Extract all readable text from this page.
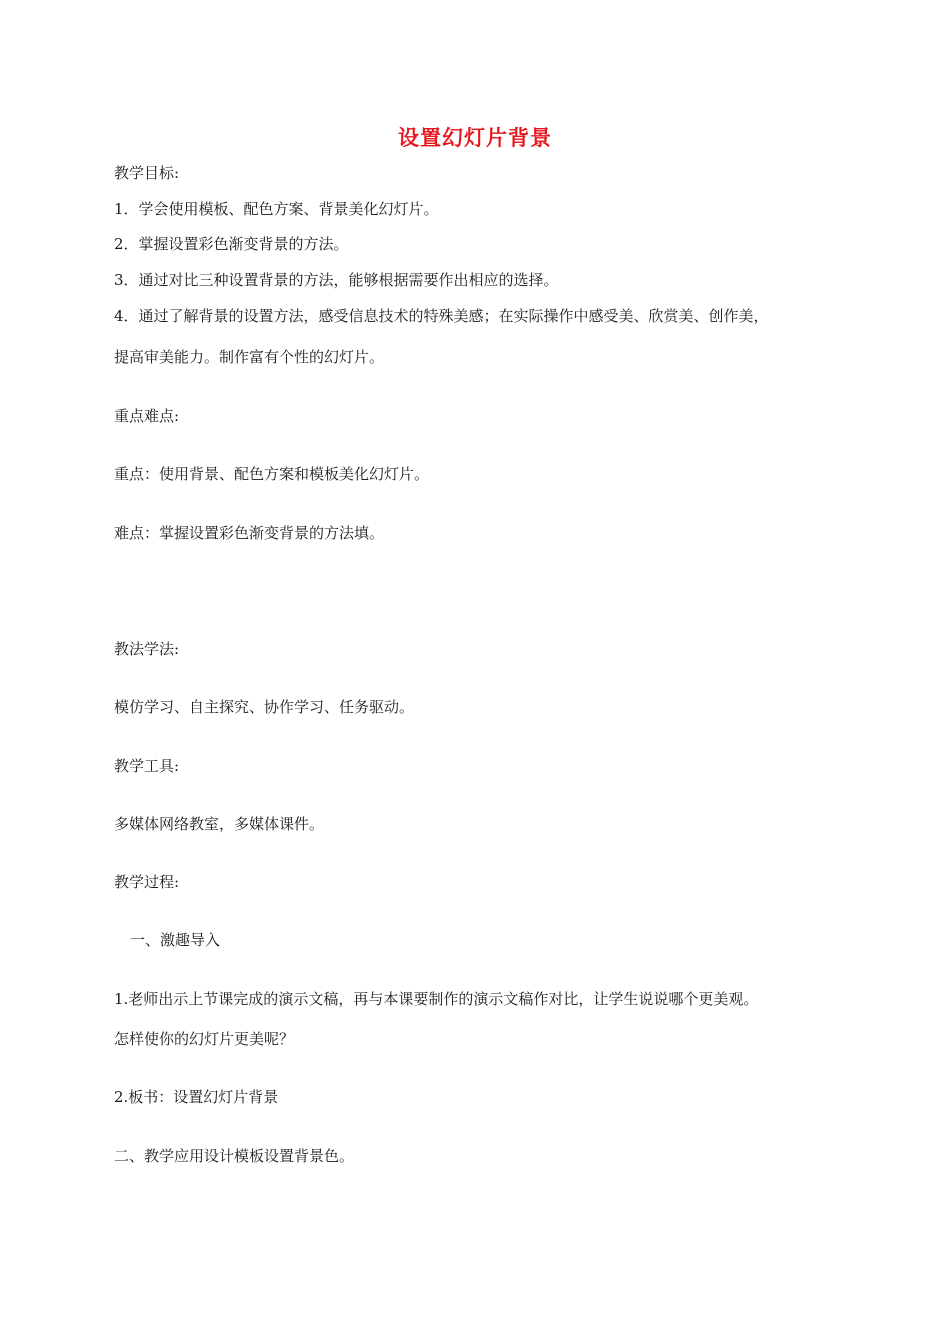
设置幻灯片背景
教学目标:
1．学会使用模板、配色方案、背景美化幻灯片。
2．掌握设置彩色渐变背景的方法。
3．通过对比三种设置背景的方法，能够根据需要作出相应的选择。
4．通过了解背景的设置方法，感受信息技术的特殊美感；在实际操作中感受美、欣赏美、创作美，
提高审美能力。制作富有个性的幻灯片。
重点难点:
重点：使用背景、配色方案和模板美化幻灯片。
难点：掌握设置彩色渐变背景的方法填。
教法学法:
模仿学习、自主探究、协作学习、任务驱动。
教学工具:
多媒体网络教室，多媒体课件。
教学过程:
一、激趣导入
1.老师出示上节课完成的演示文稿，再与本课要制作的演示文稿作对比，让学生说说哪个更美观。
怎样使你的幻灯片更美呢？
2.板书：设置幻灯片背景
二、教学应用设计模板设置背景色。
